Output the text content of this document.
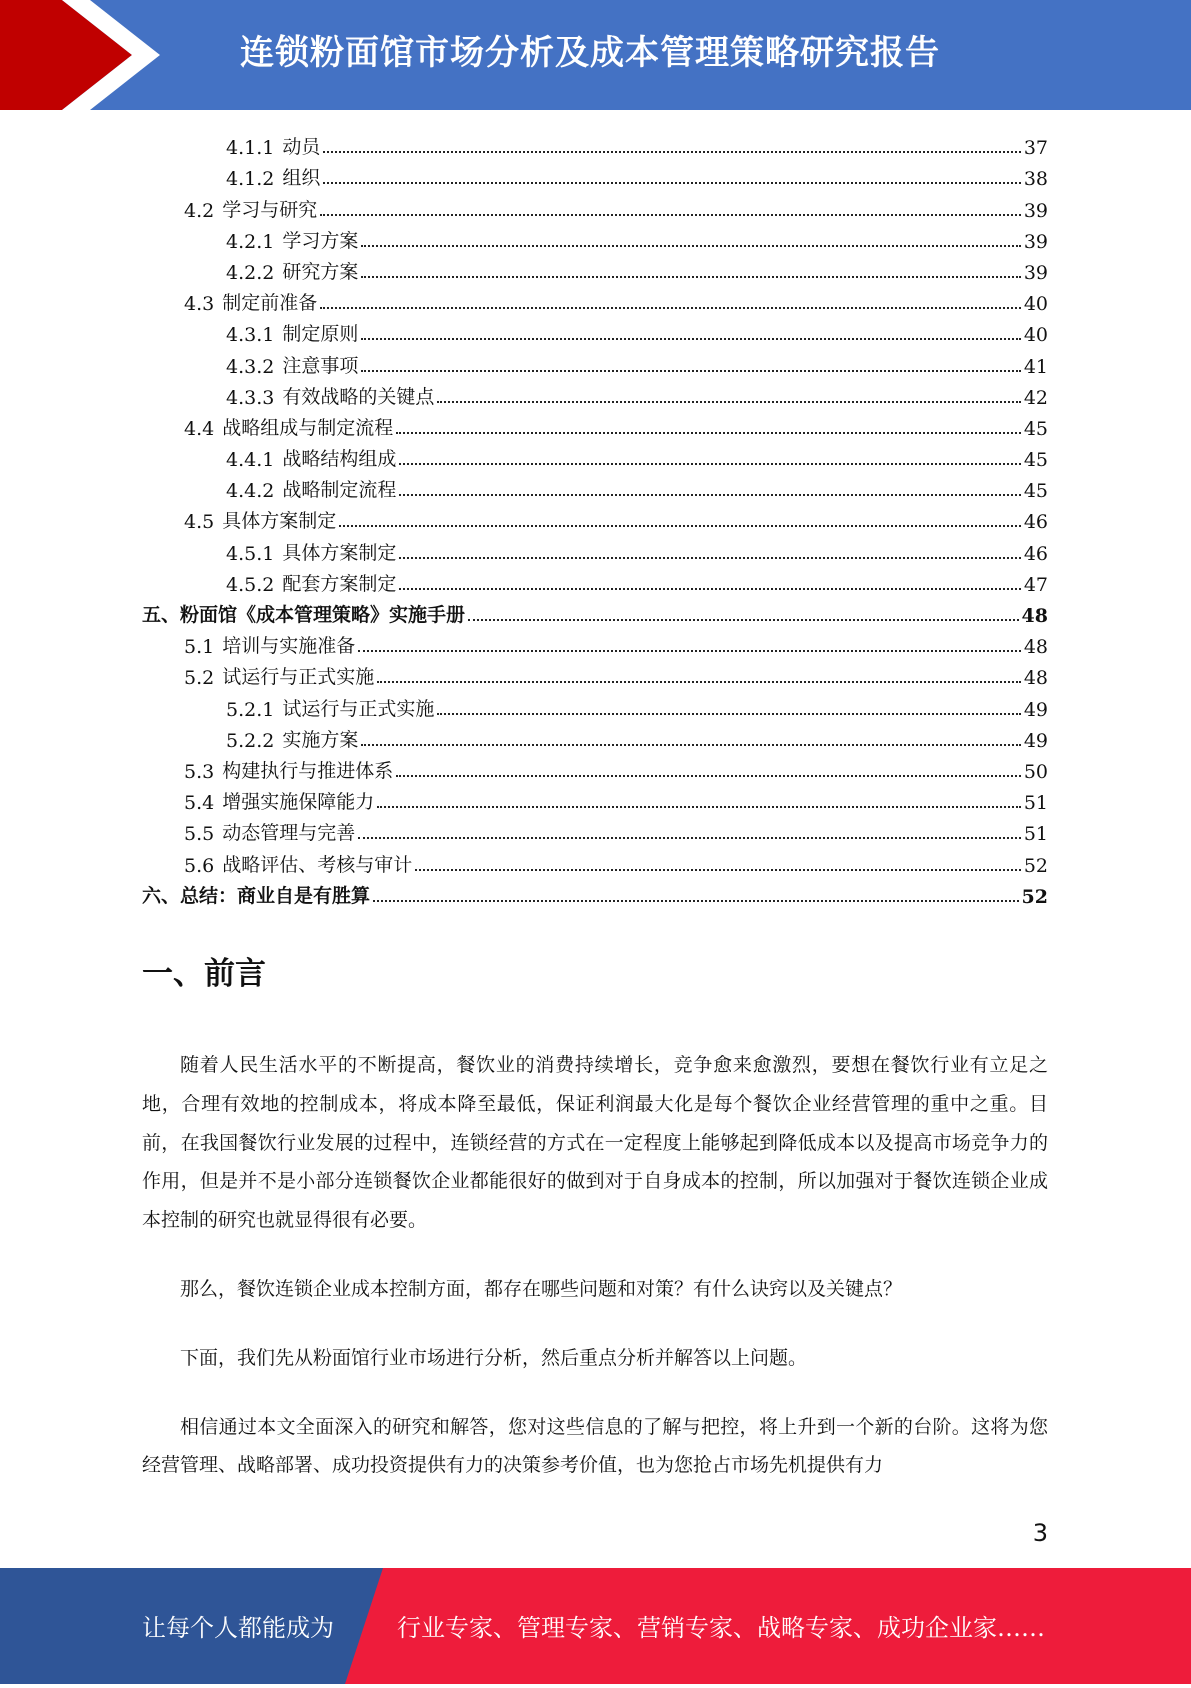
连锁粉面馆市场分析及成本管理策略研究报告
4.1.1 动员	37
4.1.2 组织	38
4.2 学习与研究	39
4.2.1 学习方案	39
4.2.2 研究方案	39
4.3 制定前准备	40
4.3.1 制定原则	40
4.3.2 注意事项	41
4.3.3 有效战略的关键点	42
4.4 战略组成与制定流程	45
4.4.1 战略结构组成	45
4.4.2 战略制定流程	45
4.5 具体方案制定	46
4.5.1 具体方案制定	46
4.5.2 配套方案制定	47
五、粉面馆《成本管理策略》实施手册	48
5.1 培训与实施准备	48
5.2 试运行与正式实施	48
5.2.1 试运行与正式实施	49
5.2.2 实施方案	49
5.3 构建执行与推进体系	50
5.4 增强实施保障能力	51
5.5 动态管理与完善	51
5.6 战略评估、考核与审计	52
六、总结：商业自是有胜算	52
一、前言

随着人民生活水平的不断提高，餐饮业的消费持续增长，竞争愈来愈激烈，要想在餐饮行业有立足之地，合理有效地的控制成本，将成本降至最低，保证利润最大化是每个餐饮企业经营管理的重中之重。目前，在我国餐饮行业发展的过程中，连锁经营的方式在一定程度上能够起到降低成本以及提高市场竞争力的作用，但是并不是小部分连锁餐饮企业都能很好的做到对于自身成本的控制，所以加强对于餐饮连锁企业成本控制的研究也就显得很有必要。

那么，餐饮连锁企业成本控制方面，都存在哪些问题和对策？有什么诀窍以及关键点？

下面，我们先从粉面馆行业市场进行分析，然后重点分析并解答以上问题。

相信通过本文全面深入的研究和解答，您对这些信息的了解与把控，将上升到一个新的台阶。这将为您经营管理、战略部署、成功投资提供有力的决策参考价值，也为您抢占市场先机提供有力

3
让每个人都能成为	行业专家、管理专家、营销专家、战略专家、成功企业家……
